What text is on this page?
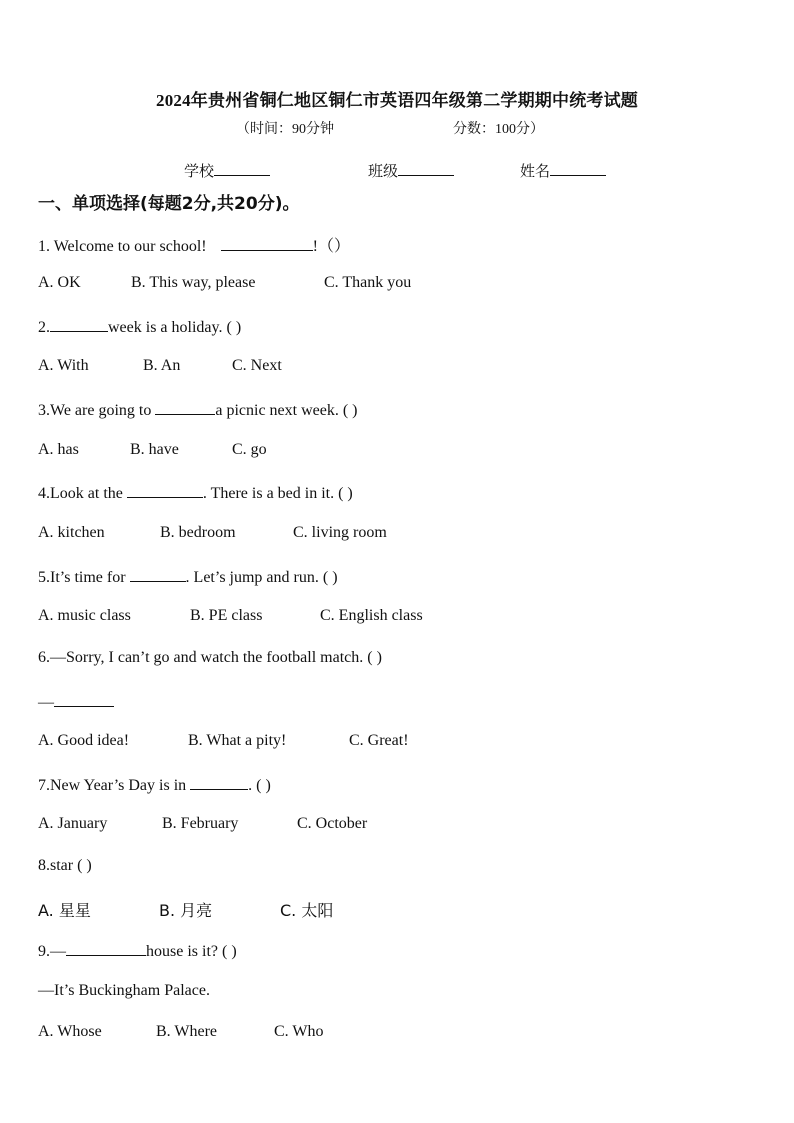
2024年贵州省铜仁地区铜仁市英语四年级第二学期期中统考试题
（时间：90分钟	分数：100分）
学校	班级	姓名
一、单项选择(每题2分,共20分)。
1. Welcome to our school!	!（）
A. OK	B. This way, please	C. Thank you
2.	week is a holiday. ( )
A. With	B. An	C. Next
3.We are going to	a picnic next week. ( )
A. has	B. have	C. go
4.Look at the	. There is a bed in it. ( )
A. kitchen	B. bedroom	C. living room
5.It’s time for	. Let’s jump and run. ( )
A. music class	B. PE class	C. English class
6.—Sorry, I can’t go and watch the football match. ( )
—
A. Good idea!	B. What a pity!	C. Great!
7.New Year’s Day is in	. ( )
A. January	B. February	C. October
8.star ( )
A. 星星	B. 月亮	C. 太阳
9.—	house is it? ( )
—It’s Buckingham Palace.
A. Whose	B. Where	C. Who
